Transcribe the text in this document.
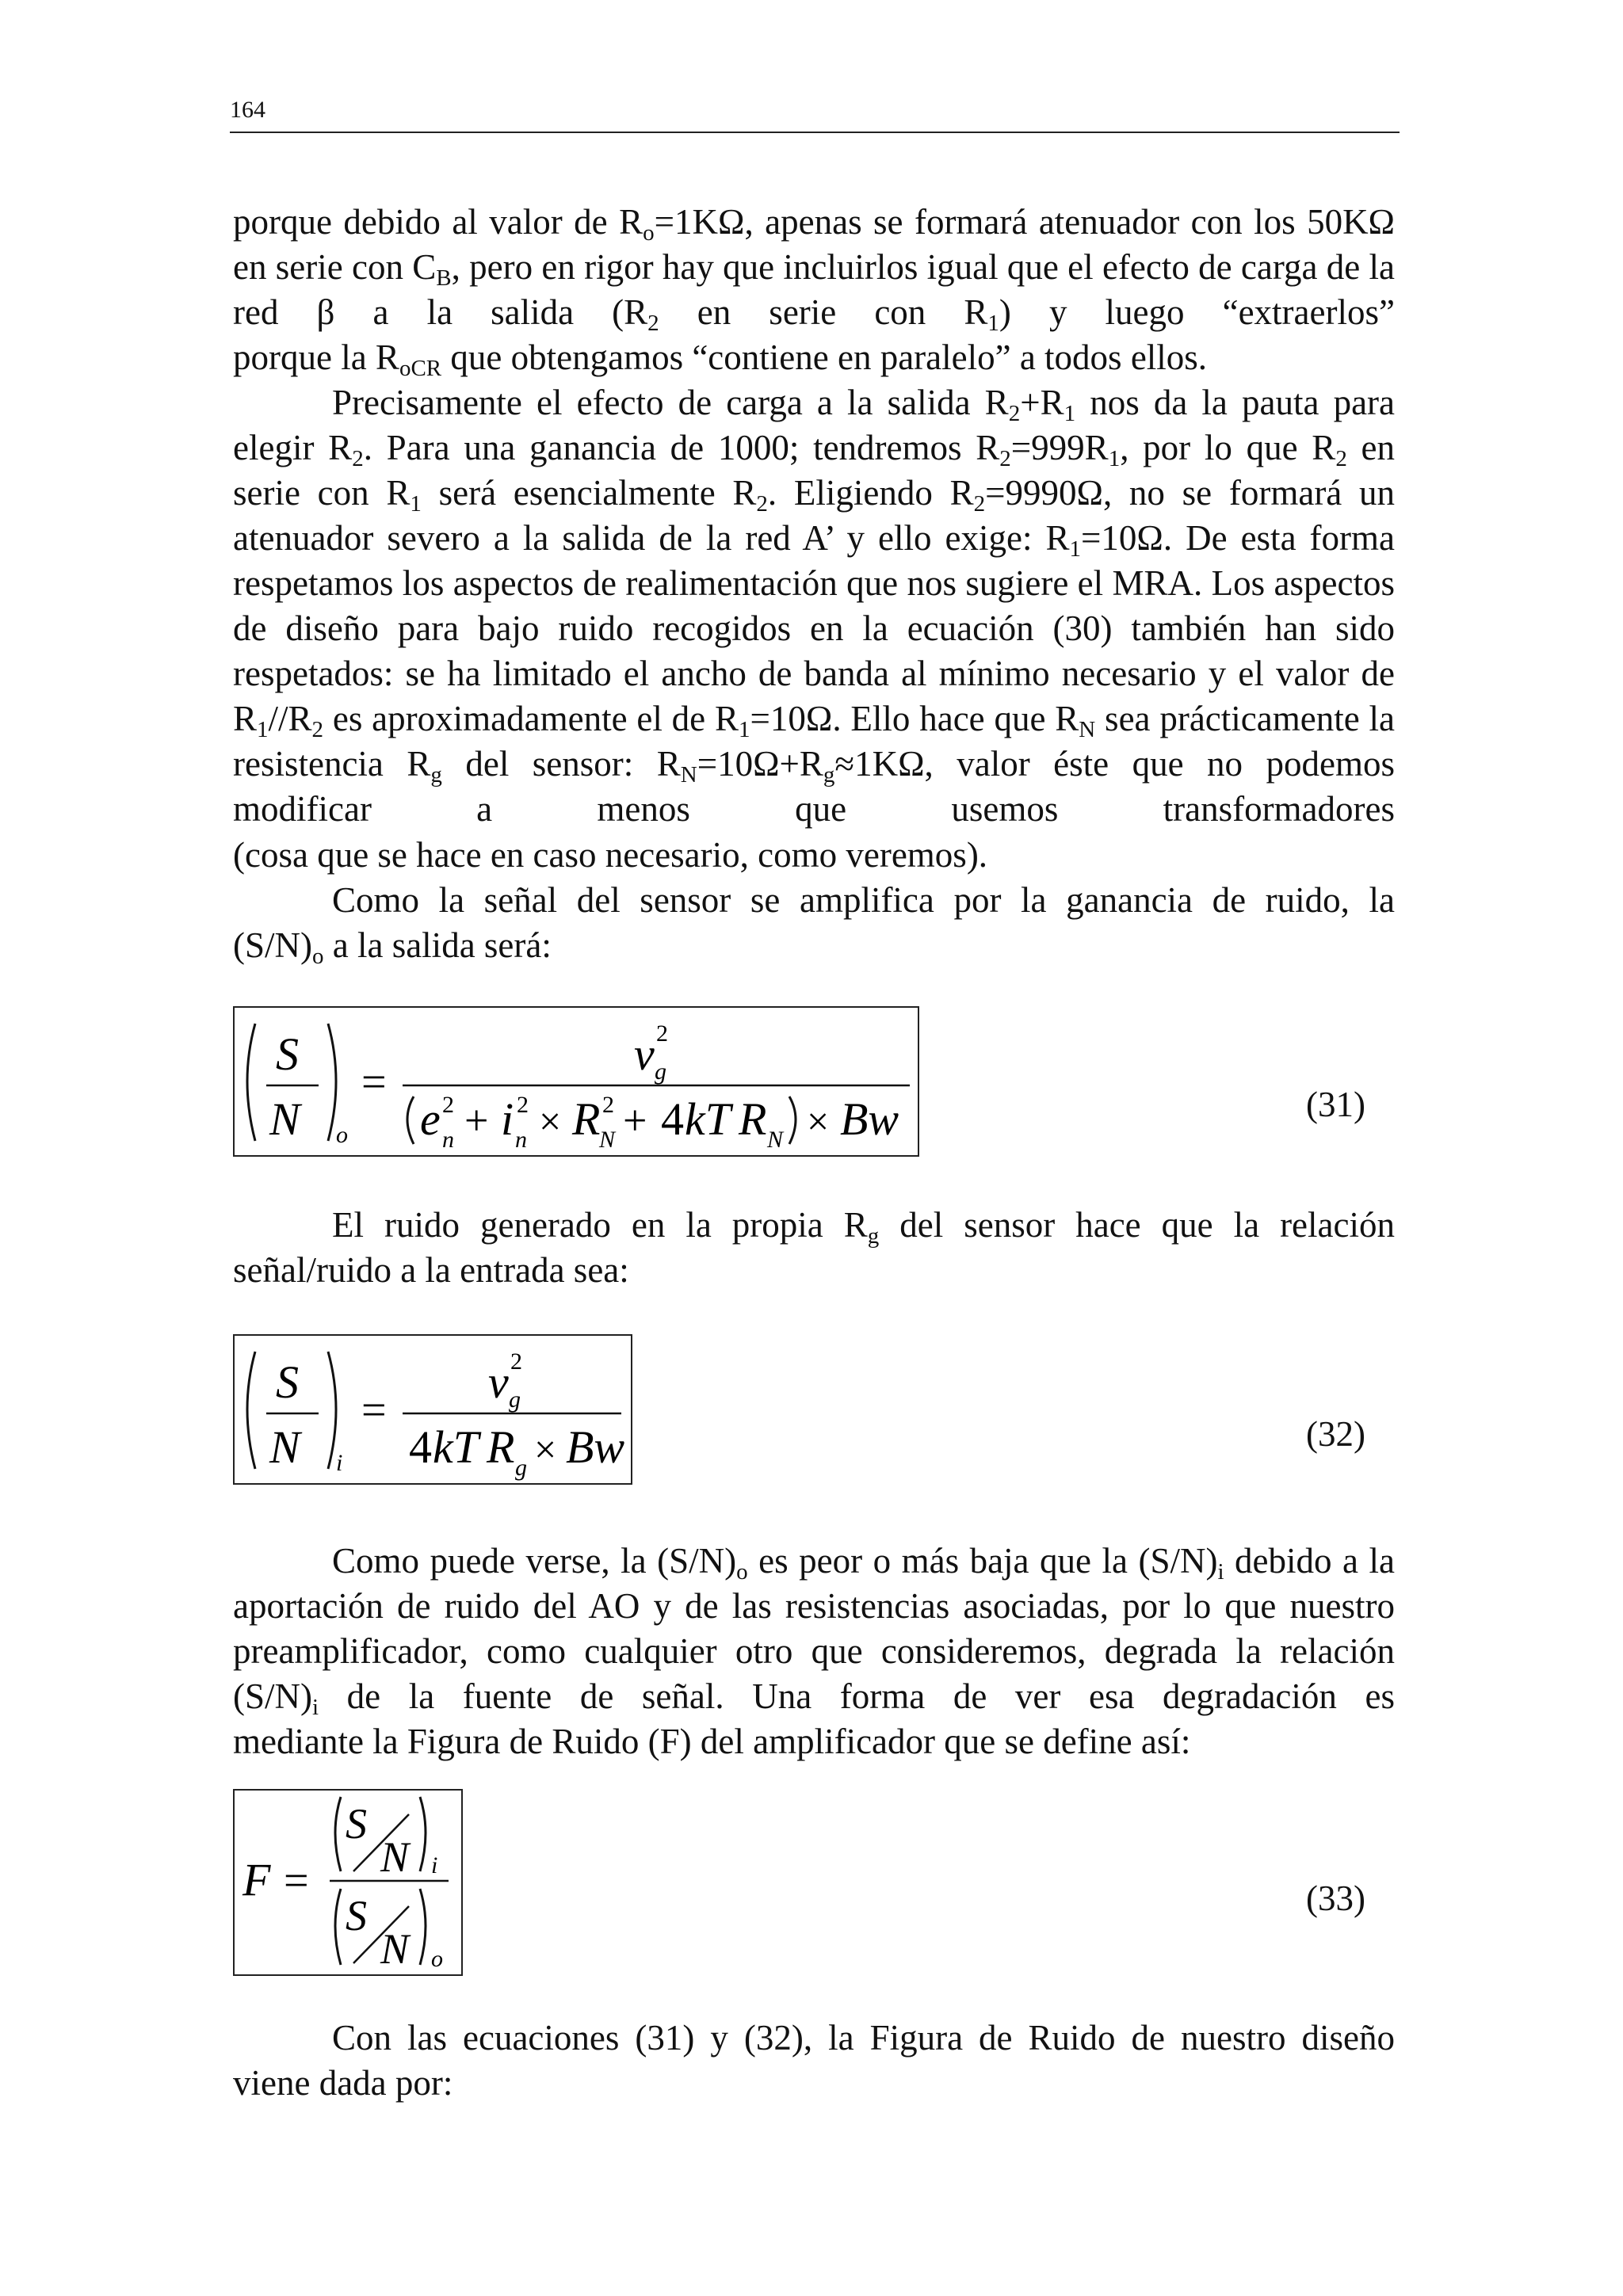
164
porque debido al valor de $R_o=1K\Omega$, apenas se formará atenuador con los 50KΩ en serie con $C_B$, pero en rigor hay que incluirlos igual que el efecto de carga de la red β a la salida ($R_2$ en serie con $R_1$) y luego “extraerlos”
porque la $R_{oCR}$ que obtengamos “contiene en paralelo” a todos ellos.
Precisamente el efecto de carga a la salida $R_2+R_1$ nos da la pauta para elegir $R_2$. Para una ganancia de 1000; tendremos $R_2=999R_1$, por lo que $R_2$ en serie con $R_1$ será esencialmente $R_2$. Eligiendo $R_2=9990\Omega$, no se formará un atenuador severo a la salida de la red A’ y ello exige: $R_1=10\Omega$. De esta forma respetamos los aspectos de realimentación que nos sugiere el MRA. Los aspectos de diseño para bajo ruido recogidos en la ecuación (30) también han sido respetados: se ha limitado el ancho de banda al mínimo necesario y el valor de $R_1//R_2$ es aproximadamente el de $R_1=10\Omega$. Ello hace que $R_N$ sea prácticamente la resistencia $R_g$ del sensor: $R_N=10\Omega+R_g\approx 1K\Omega$, valor éste que no podemos modificar a menos que usemos transformadores
(cosa que se hace en caso necesario, como veremos).
Como la señal del sensor se amplifica por la ganancia de ruido, la
$(S/N)_o$ a la salida será:
S
N o
=
v 2
g
e 2
n + i 2
n × R 2
N + 4 kT R N × Bw	(31)
El ruido generado en la propia $R_g$ del sensor hace que la relación
señal/ruido a la entrada sea:
S
N i
=
v 2
g
4 kT R g × Bw	(32)
Como puede verse, la $(S/N)_o$ es peor o más baja que la $(S/N)_i$ debido a la aportación de ruido del AO y de las resistencias asociadas, por lo que nuestro preamplificador, como cualquier otro que consideremos, degrada la relación $(S/N)_i$ de la fuente de señal. Una forma de ver esa degradación es
mediante la Figura de Ruido (F) del amplificador que se define así:
F =
S
N i
S
N o
(33)
Con las ecuaciones (31) y (32), la Figura de Ruido de nuestro diseño
viene dada por:
